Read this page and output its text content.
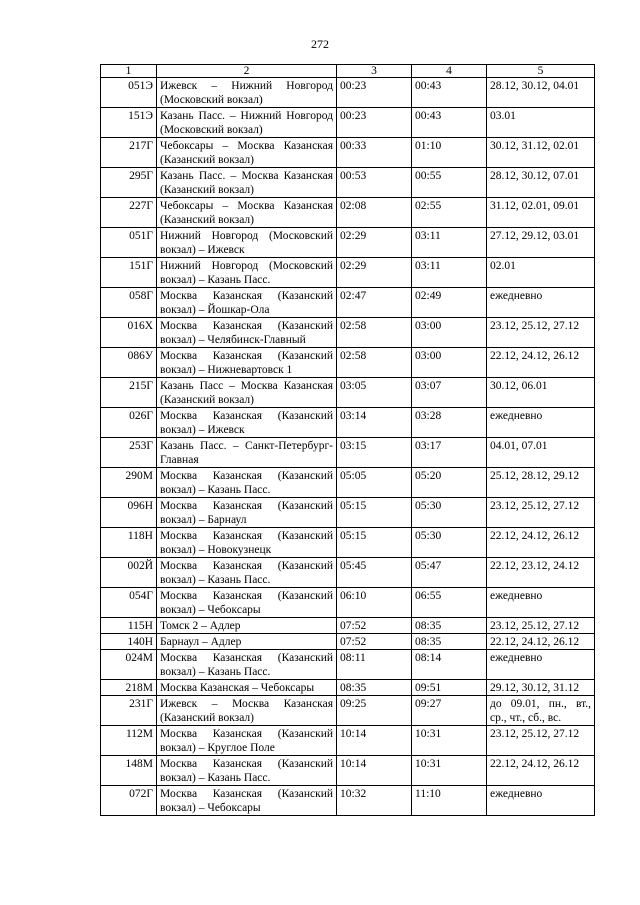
272
1	2	3	4	5
051Э	Ижевск – Нижний Новгород (Московский вокзал)	00:23	00:43	28.12, 30.12, 04.01
151Э	Казань Пасс. – Нижний Новгород (Московский вокзал)	00:23	00:43	03.01
217Г	Чебоксары – Москва Казанская (Казанский вокзал)	00:33	01:10	30.12, 31.12, 02.01
295Г	Казань Пасс. – Москва Казанская (Казанский вокзал)	00:53	00:55	28.12, 30.12, 07.01
227Г	Чебоксары – Москва Казанская (Казанский вокзал)	02:08	02:55	31.12, 02.01, 09.01
051Г	Нижний Новгород (Московский вокзал) – Ижевск	02:29	03:11	27.12, 29.12, 03.01
151Г	Нижний Новгород (Московский вокзал) – Казань Пасс.	02:29	03:11	02.01
058Г	Москва Казанская (Казанский вокзал) – Йошкар-Ола	02:47	02:49	ежедневно
016Х	Москва Казанская (Казанский вокзал) – Челябинск-Главный	02:58	03:00	23.12, 25.12, 27.12
086У	Москва Казанская (Казанский вокзал) – Нижневартовск 1	02:58	03:00	22.12, 24.12, 26.12
215Г	Казань Пасс – Москва Казанская (Казанский вокзал)	03:05	03:07	30.12, 06.01
026Г	Москва Казанская (Казанский вокзал) – Ижевск	03:14	03:28	ежедневно
253Г	Казань Пасс. – Санкт-Петербург-Главная	03:15	03:17	04.01, 07.01
290М	Москва Казанская (Казанский вокзал) – Казань Пасс.	05:05	05:20	25.12, 28.12, 29.12
096Н	Москва Казанская (Казанский вокзал) – Барнаул	05:15	05:30	23.12, 25.12, 27.12
118Н	Москва Казанская (Казанский вокзал) – Новокузнецк	05:15	05:30	22.12, 24.12, 26.12
002Й	Москва Казанская (Казанский вокзал) – Казань Пасс.	05:45	05:47	22.12, 23.12, 24.12
054Г	Москва Казанская (Казанский вокзал) – Чебоксары	06:10	06:55	ежедневно
115Н	Томск 2 – Адлер	07:52	08:35	23.12, 25.12, 27.12
140Н	Барнаул – Адлер	07:52	08:35	22.12, 24.12, 26.12
024М	Москва Казанская (Казанский вокзал) – Казань Пасс.	08:11	08:14	ежедневно
218М	Москва Казанская – Чебоксары	08:35	09:51	29.12, 30.12, 31.12
231Г	Ижевск – Москва Казанская (Казанский вокзал)	09:25	09:27	до 09.01, пн., вт., ср., чт., сб., вс.
112М	Москва Казанская (Казанский вокзал) – Круглое Поле	10:14	10:31	23.12, 25.12, 27.12
148М	Москва Казанская (Казанский вокзал) – Казань Пасс.	10:14	10:31	22.12, 24.12, 26.12
072Г	Москва Казанская (Казанский вокзал) – Чебоксары	10:32	11:10	ежедневно
